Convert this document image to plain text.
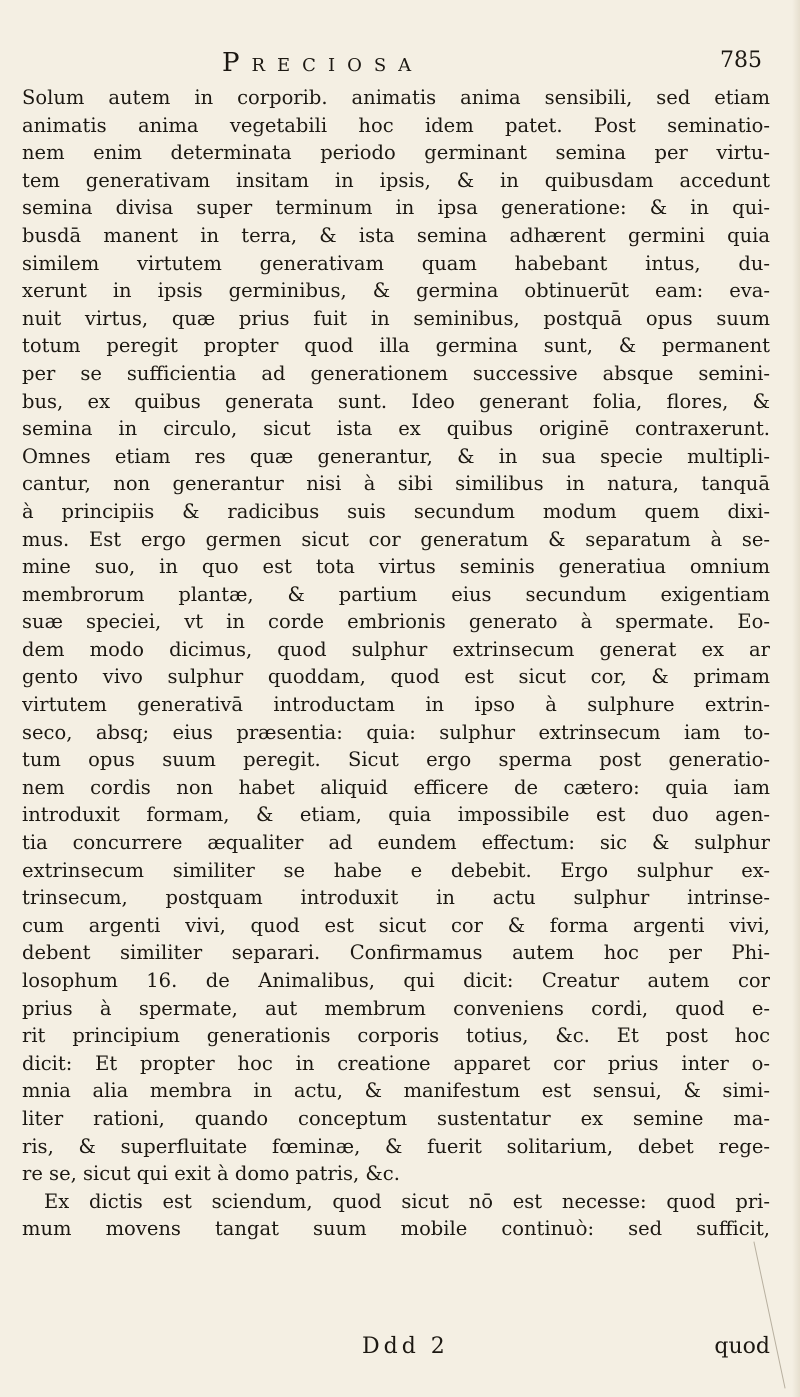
Preciosa	785
Solum autem in corporib. animatis anima sensibili, sed etiam
animatis anima vegetabili hoc idem patet. Post seminatio-
nem enim determinata periodo germinant semina per virtu-
tem generativam insitam in ipsis, & in quibusdam accedunt
semina divisa super terminum in ipsa generatione: & in qui-
busdā manent in terra, & ista semina adhærent germini quia
similem virtutem generativam quam habebant intus, du-
xerunt in ipsis germinibus, & germina obtinuerūt eam: eva-
nuit virtus, quæ prius fuit in seminibus, postquā opus suum
totum peregit propter quod illa germina sunt, & permanent
per se sufficientia ad generationem successive absque semini-
bus, ex quibus generata sunt. Ideo generant folia, flores, &
semina in circulo, sicut ista ex quibus originē contraxerunt.
Omnes etiam res quæ generantur, & in sua specie multipli-
cantur, non generantur nisi à sibi similibus in natura, tanquā
à principiis & radicibus suis secundum modum quem dixi-
mus. Est ergo germen sicut cor generatum & separatum à se-
mine suo, in quo est tota virtus seminis generatiua omnium
membrorum plantæ, & partium eius secundum exigentiam
suæ speciei, vt in corde embrionis generato à spermate. Eo-
dem modo dicimus, quod sulphur extrinsecum generat ex ar
gento vivo sulphur quoddam, quod est sicut cor, & primam
virtutem generativā introductam in ipso à sulphure extrin-
seco, absq; eius præsentia: quia: sulphur extrinsecum iam to-
tum opus suum peregit. Sicut ergo sperma post generatio-
nem cordis non habet aliquid efficere de cætero: quia iam
introduxit formam, & etiam, quia impossibile est duo agen-
tia concurrere æqualiter ad eundem effectum: sic & sulphur
extrinsecum similiter se habe e debebit. Ergo sulphur ex-
trinsecum, postquam introduxit in actu sulphur intrinse-
cum argenti vivi, quod est sicut cor & forma argenti vivi,
debent similiter separari. Confirmamus autem hoc per Phi-
losophum 16. de Animalibus, qui dicit: Creatur autem cor
prius à spermate, aut membrum conveniens cordi, quod e-
rit principium generationis corporis totius, &c. Et post hoc
dicit: Et propter hoc in creatione apparet cor prius inter o-
mnia alia membra in actu, & manifestum est sensui, & simi-
liter rationi, quando conceptum sustentatur ex semine ma-
ris, & superfluitate fœminæ, & fuerit solitarium, debet rege-
re se, sicut qui exit à domo patris, &c.
Ex dictis est sciendum, quod sicut nō est necesse: quod pri-
mum movens tangat suum mobile continuò: sed sufficit,
Ddd 2	quod
